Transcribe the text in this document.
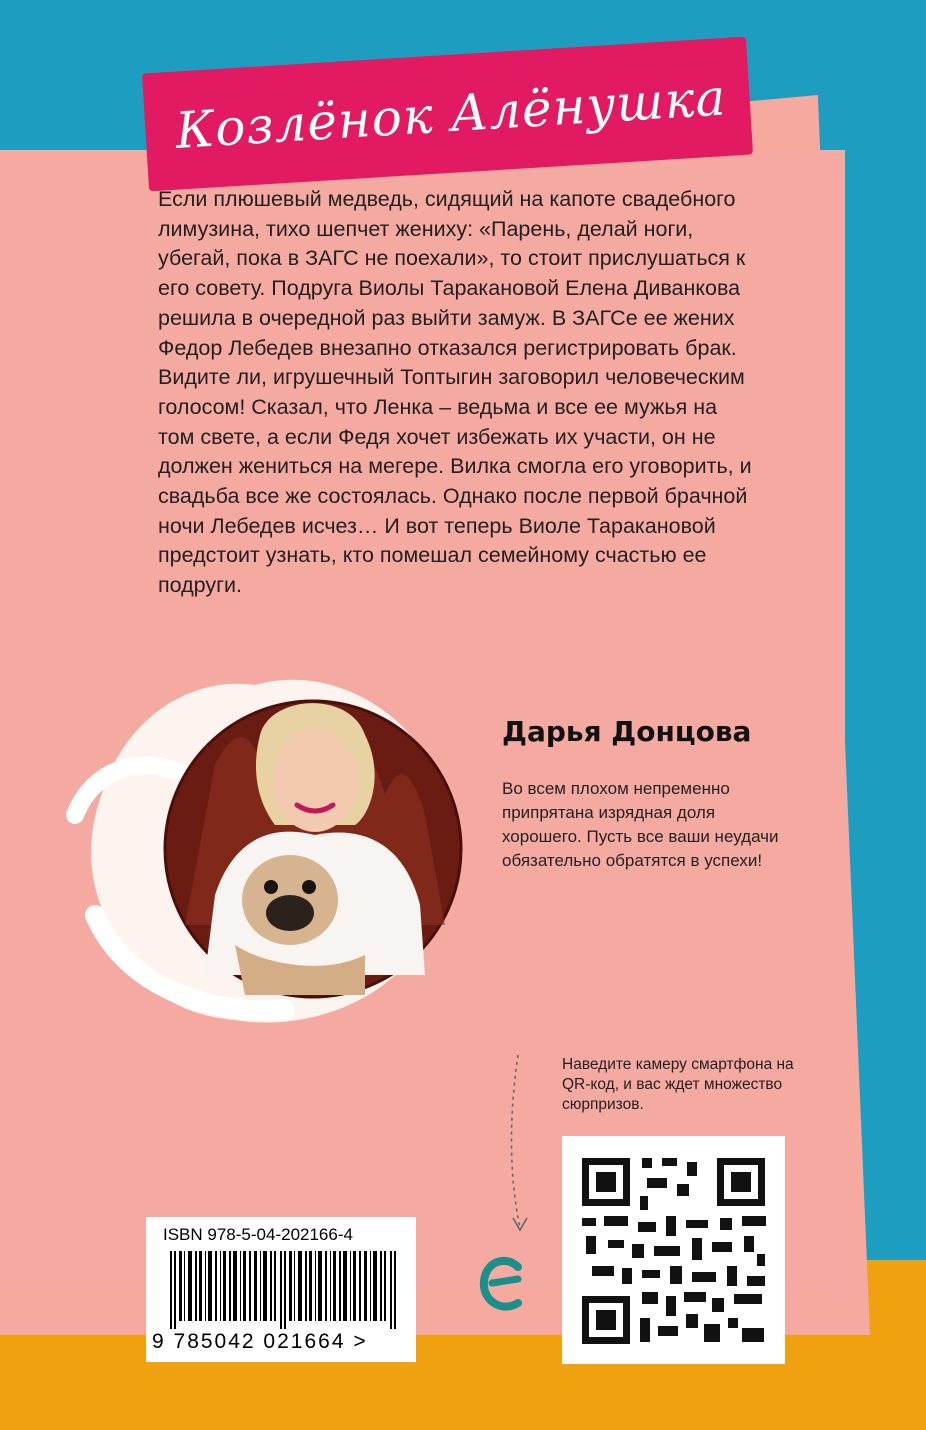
Козлёнок Алёнушка

Если плюшевый медведь, сидящий на капоте свадебного лимузина, тихо шепчет жениху: «Парень, делай ноги, убегай, пока в ЗАГС не поехали», то стоит прислушаться к его совету. Подруга Виолы Таракановой Елена Диванкова решила в очередной раз выйти замуж. В ЗАГСе ее жених Федор Лебедев внезапно отказался регистрировать брак. Видите ли, игрушечный Топтыгин заговорил человеческим голосом! Сказал, что Ленка – ведьма и все ее мужья на том свете, а если Федя хочет избежать их участи, он не должен жениться на мегере. Вилка смогла его уговорить, и свадьба все же состоялась. Однако после первой брачной ночи Лебедев исчез… И вот теперь Виоле Таракановой предстоит узнать, кто помешал семейному счастью ее подруги.

Дарья Донцова

Во всем плохом непременно припрятана изрядная доля хорошего. Пусть все ваши неудачи обязательно обратятся в успехи!

Наведите камеру смартфона на QR-код, и вас ждет множество сюрпризов.

ISBN 978-5-04-202166-4
9 785042 021664 >
